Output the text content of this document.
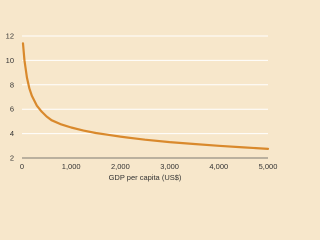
2
4
6
8
10
12
0	1,000	2,000	3,000	4,000	5,000
GDP per capita (US$)
